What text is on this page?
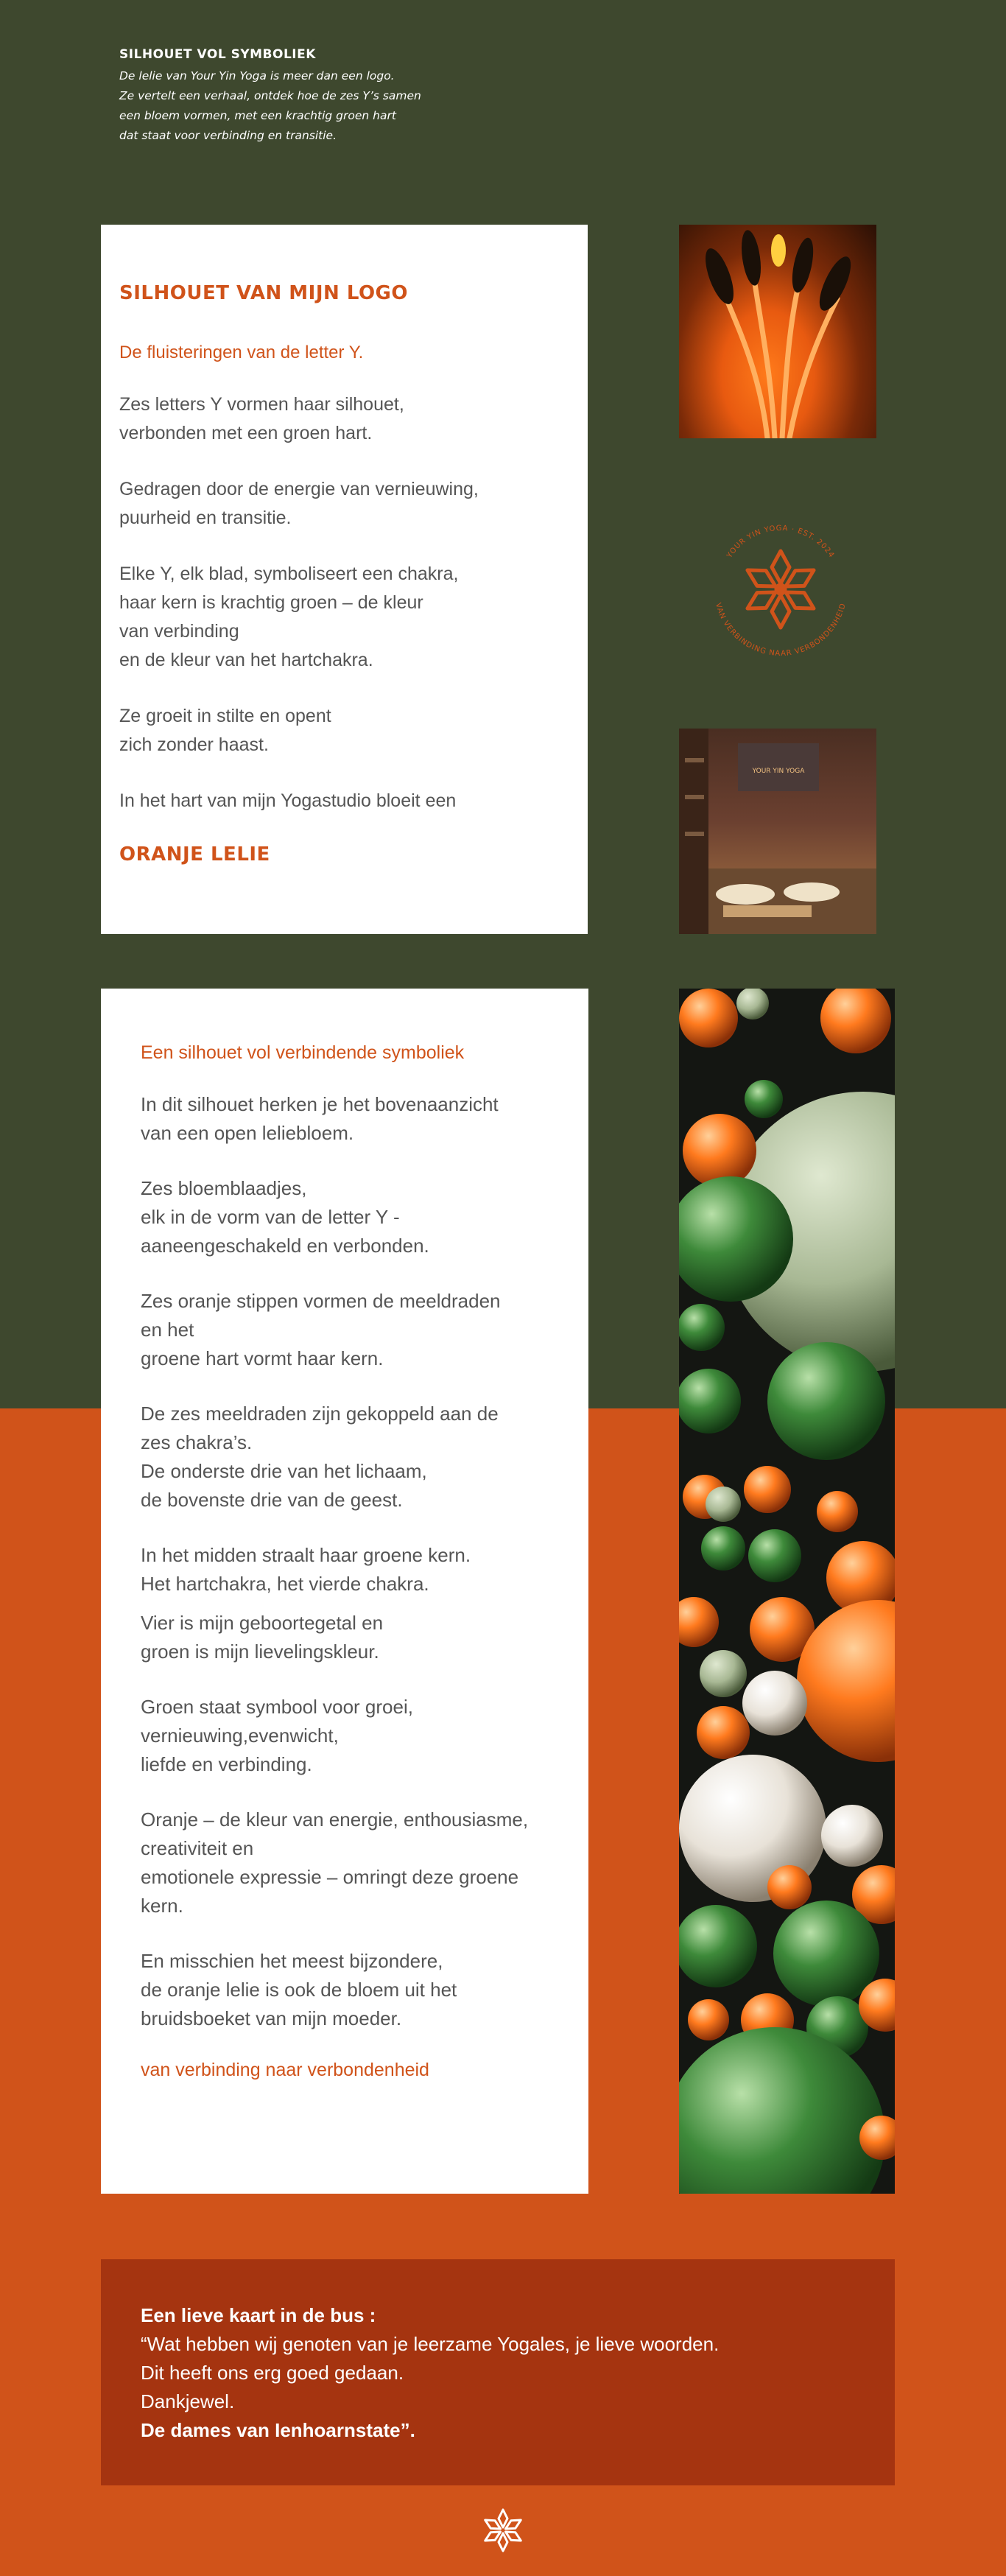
SILHOUET VOL SYMBOLIEK

De lelie van Your Yin Yoga is meer dan een logo.
Ze vertelt een verhaal, ontdek hoe de zes Y’s samen
een bloem vormen, met een krachtig groen hart
dat staat voor verbinding en transitie.

SILHOUET VAN MIJN LOGO
De fluisteringen van de letter Y.
Zes letters Y vormen haar silhouet,
verbonden met een groen hart.
Gedragen door de energie van vernieuwing,
puurheid en transitie.
Elke Y, elk blad, symboliseert een chakra,
haar kern is krachtig groen – de kleur
van verbinding
en de kleur van het hartchakra.
Ze groeit in stilte en opent
zich zonder haast.
In het hart van mijn Yogastudio bloeit een
ORANJE LELIE
YOUR YIN YOGA · EST. 2024
VAN VERBINDING NAAR VERBONDENHEID
YOUR YIN YOGA
Een silhouet vol verbindende symboliek
In dit silhouet herken je het bovenaanzicht
van een open leliebloem.
Zes bloemblaadjes,
elk in de vorm van de letter Y -
aaneengeschakeld en verbonden.
Zes oranje stippen vormen de meeldraden
en het
groene hart vormt haar kern.
De zes meeldraden zijn gekoppeld aan de
zes chakra’s.
De onderste drie van het lichaam,
de bovenste drie van de geest.
In het midden straalt haar groene kern.
Het hartchakra, het vierde chakra.
Vier is mijn geboortegetal en
groen is mijn lievelingskleur.
Groen staat symbool voor groei,
vernieuwing,evenwicht,
liefde en verbinding.
Oranje – de kleur van energie, enthousiasme,
creativiteit en
emotionele expressie – omringt deze groene
kern.
En misschien het meest bijzondere,
de oranje lelie is ook de bloem uit het
bruidsboeket van mijn moeder.
van verbinding naar verbondenheid
Een lieve kaart in de bus :
“Wat hebben wij genoten van je leerzame Yogales, je lieve woorden.
Dit heeft ons erg goed gedaan.
Dankjewel.
De dames van Ienhoarnstate”.
